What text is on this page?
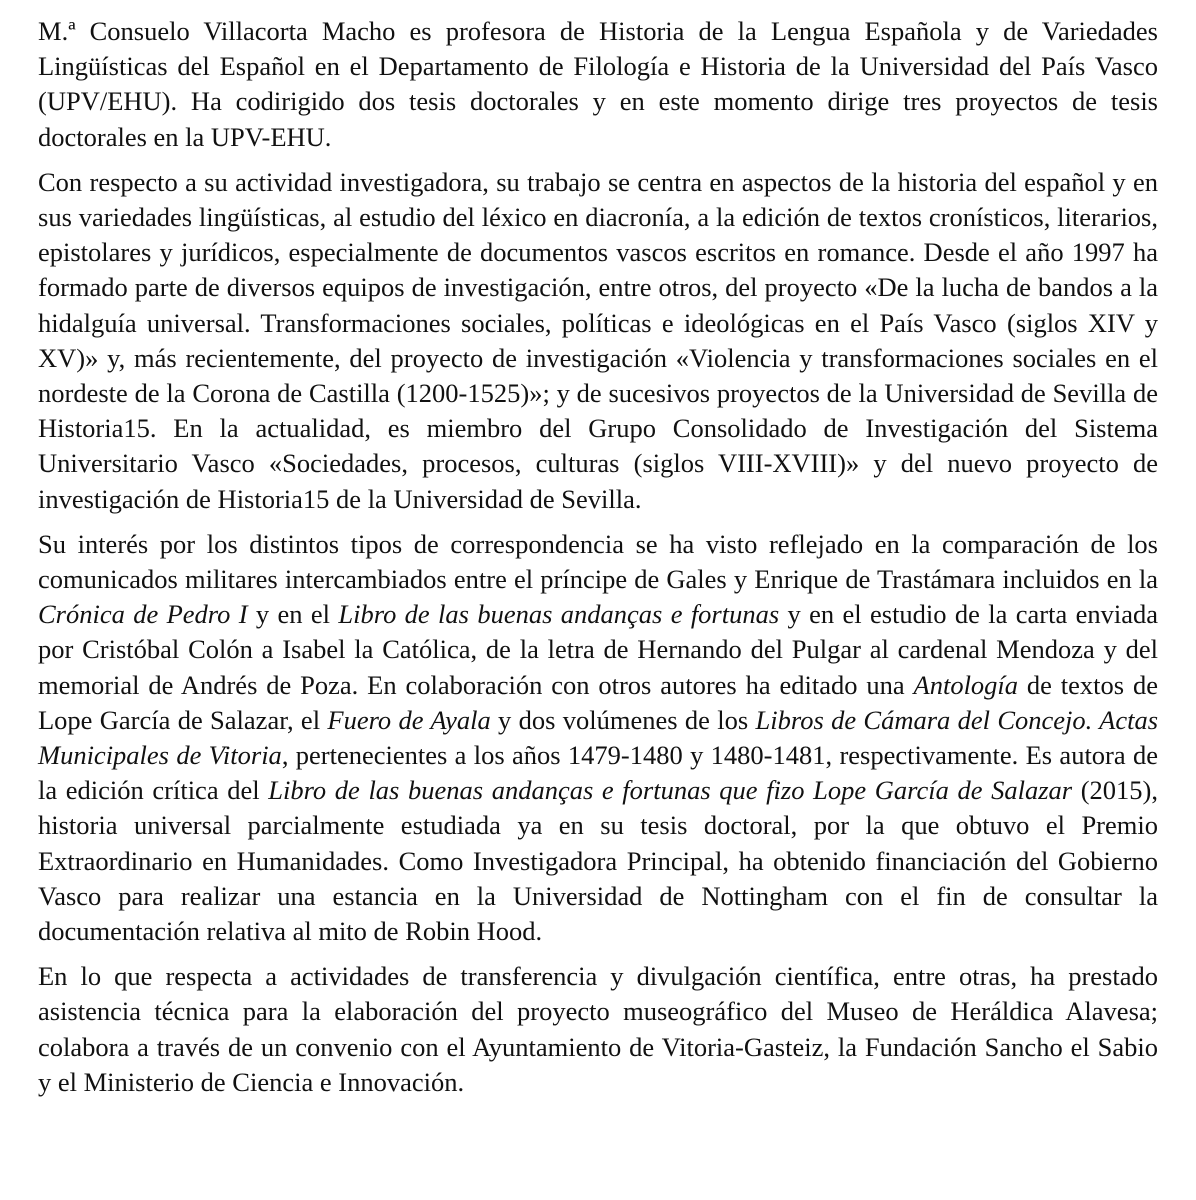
M.ª Consuelo Villacorta Macho es profesora de Historia de la Lengua Española y de Variedades Lingüísticas del Español en el Departamento de Filología e Historia de la Universidad del País Vasco (UPV/EHU). Ha codirigido dos tesis doctorales y en este momento dirige tres proyectos de tesis doctorales en la UPV-EHU.

Con respecto a su actividad investigadora, su trabajo se centra en aspectos de la historia del español y en sus variedades lingüísticas, al estudio del léxico en diacronía, a la edición de textos cronísticos, literarios, epistolares y jurídicos, especialmente de documentos vascos escritos en romance. Desde el año 1997 ha formado parte de diversos equipos de investigación, entre otros, del proyecto «De la lucha de bandos a la hidalguía universal. Transformaciones sociales, políticas e ideológicas en el País Vasco (siglos XIV y XV)» y, más recientemente, del proyecto de investigación «Violencia y transformaciones sociales en el nordeste de la Corona de Castilla (1200-1525)»; y de sucesivos proyectos de la Universidad de Sevilla de Historia15. En la actualidad, es miembro del Grupo Consolidado de Investigación del Sistema Universitario Vasco «Sociedades, procesos, culturas (siglos VIII-XVIII)» y del nuevo proyecto de investigación de Historia15 de la Universidad de Sevilla.

Su interés por los distintos tipos de correspondencia se ha visto reflejado en la comparación de los comunicados militares intercambiados entre el príncipe de Gales y Enrique de Trastámara incluidos en la Crónica de Pedro I y en el Libro de las buenas andanças e fortunas y en el estudio de la carta enviada por Cristóbal Colón a Isabel la Católica, de la letra de Hernando del Pulgar al cardenal Mendoza y del memorial de Andrés de Poza. En colaboración con otros autores ha editado una Antología de textos de Lope García de Salazar, el Fuero de Ayala y dos volúmenes de los Libros de Cámara del Concejo. Actas Municipales de Vitoria, pertenecientes a los años 1479-1480 y 1480-1481, respectivamente. Es autora de la edición crítica del Libro de las buenas andanças e fortunas que fizo Lope García de Salazar (2015), historia universal parcialmente estudiada ya en su tesis doctoral, por la que obtuvo el Premio Extraordinario en Humanidades. Como Investigadora Principal, ha obtenido financiación del Gobierno Vasco para realizar una estancia en la Universidad de Nottingham con el fin de consultar la documentación relativa al mito de Robin Hood.

En lo que respecta a actividades de transferencia y divulgación científica, entre otras, ha prestado asistencia técnica para la elaboración del proyecto museográfico del Museo de Heráldica Alavesa; colabora a través de un convenio con el Ayuntamiento de Vitoria-Gasteiz, la Fundación Sancho el Sabio y el Ministerio de Ciencia e Innovación.
